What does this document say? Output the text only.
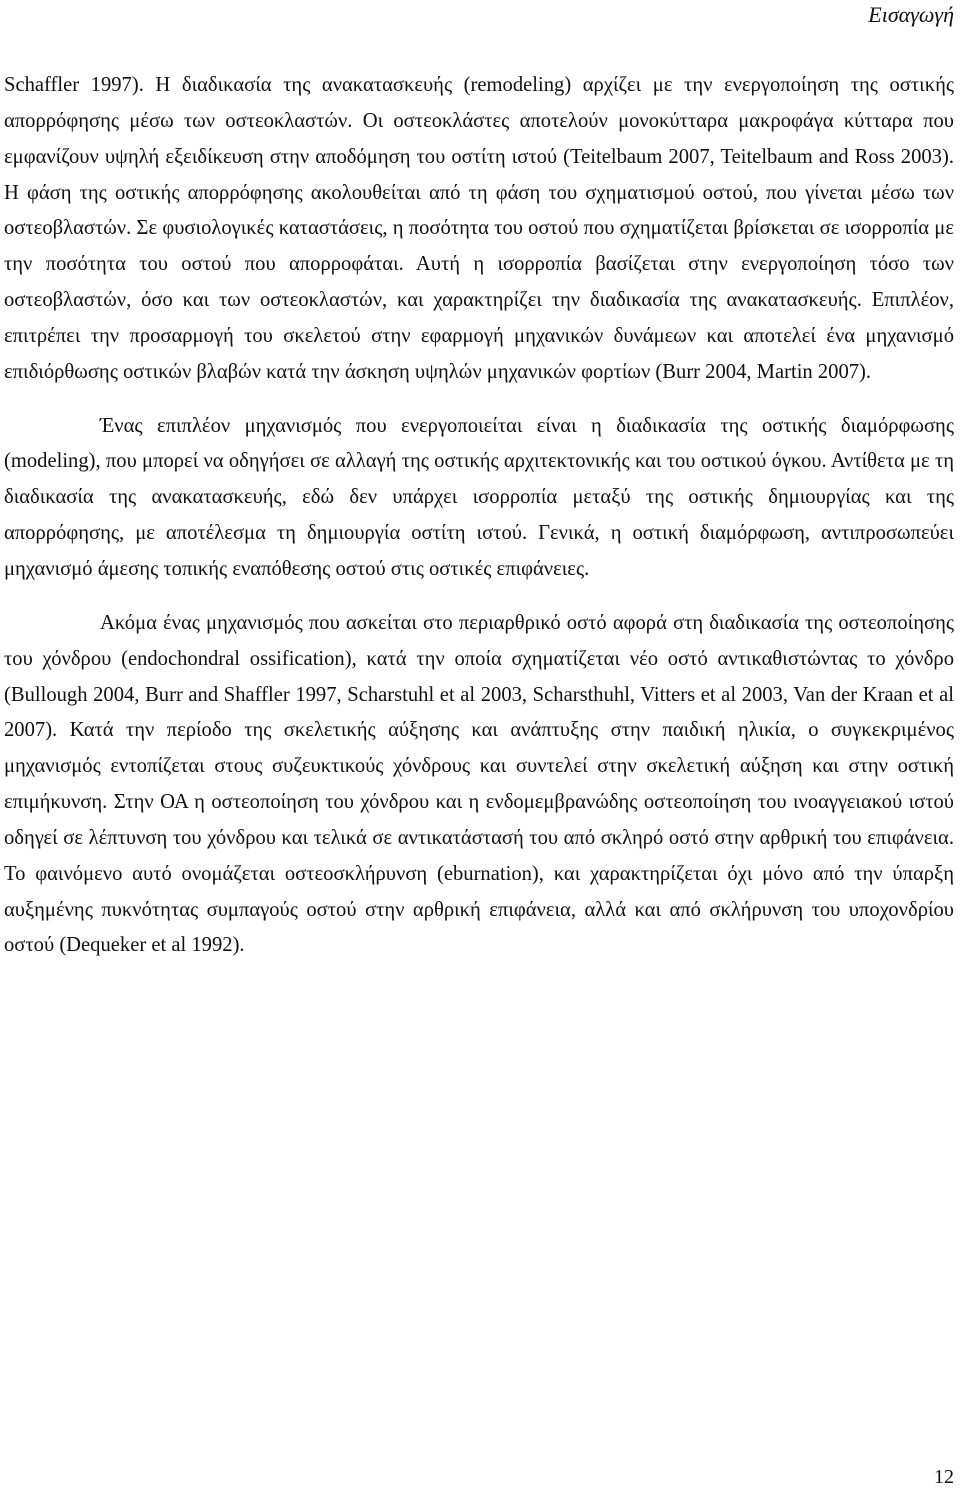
Εισαγωγή

Schaffler 1997). Η διαδικασία της ανακατασκευής (remodeling) αρχίζει με την ενεργοποίηση της οστικής απορρόφησης μέσω των οστεοκλαστών. Οι οστεοκλάστες αποτελούν μονοκύτταρα μακροφάγα κύτταρα που εμφανίζουν υψηλή εξειδίκευση στην αποδόμηση του οστίτη ιστού (Teitelbaum 2007, Teitelbaum and Ross 2003). Η φάση της οστικής απορρόφησης ακολουθείται από τη φάση του σχηματισμού οστού, που γίνεται μέσω των οστεοβλαστών. Σε φυσιολογικές καταστάσεις, η ποσότητα του οστού που σχηματίζεται βρίσκεται σε ισορροπία με την ποσότητα του οστού που απορροφάται. Αυτή η ισορροπία βασίζεται στην ενεργοποίηση τόσο των οστεοβλαστών, όσο και των οστεοκλαστών, και χαρακτηρίζει την διαδικασία της ανακατασκευής. Επιπλέον, επιτρέπει την προσαρμογή του σκελετού στην εφαρμογή μηχανικών δυνάμεων και αποτελεί ένα μηχανισμό επιδιόρθωσης οστικών βλαβών κατά την άσκηση υψηλών μηχανικών φορτίων (Burr 2004, Martin 2007).

Ένας επιπλέον μηχανισμός που ενεργοποιείται είναι η διαδικασία της οστικής διαμόρφωσης (modeling), που μπορεί να οδηγήσει σε αλλαγή της οστικής αρχιτεκτονικής και του οστικού όγκου. Αντίθετα με τη διαδικασία της ανακατασκευής, εδώ δεν υπάρχει ισορροπία μεταξύ της οστικής δημιουργίας και της απορρόφησης, με αποτέλεσμα τη δημιουργία οστίτη ιστού. Γενικά, η οστική διαμόρφωση, αντιπροσωπεύει μηχανισμό άμεσης τοπικής εναπόθεσης οστού στις οστικές επιφάνειες.

Ακόμα ένας μηχανισμός που ασκείται στο περιαρθρικό οστό αφορά στη διαδικασία της οστεοποίησης του χόνδρου (endochondral ossification), κατά την οποία σχηματίζεται νέο οστό αντικαθιστώντας το χόνδρο (Bullough 2004, Burr and Shaffler 1997, Scharstuhl et al 2003, Scharsthuhl, Vitters et al 2003, Van der Kraan et al 2007). Κατά την περίοδο της σκελετικής αύξησης και ανάπτυξης στην παιδική ηλικία, ο συγκεκριμένος μηχανισμός εντοπίζεται στους συζευκτικούς χόνδρους και συντελεί στην σκελετική αύξηση και στην οστική επιμήκυνση. Στην ΟΑ η οστεοποίηση του χόνδρου και η ενδομεμβρανώδης οστεοποίηση του ινοαγγειακού ιστού οδηγεί σε λέπτυνση του χόνδρου και τελικά σε αντικατάστασή του από σκληρό οστό στην αρθρική του επιφάνεια. Το φαινόμενο αυτό ονομάζεται οστεοσκλήρυνση (eburnation), και χαρακτηρίζεται όχι μόνο από την ύπαρξη αυξημένης πυκνότητας συμπαγούς οστού στην αρθρική επιφάνεια, αλλά και από σκλήρυνση του υποχονδρίου οστού (Dequeker et al 1992).

12
